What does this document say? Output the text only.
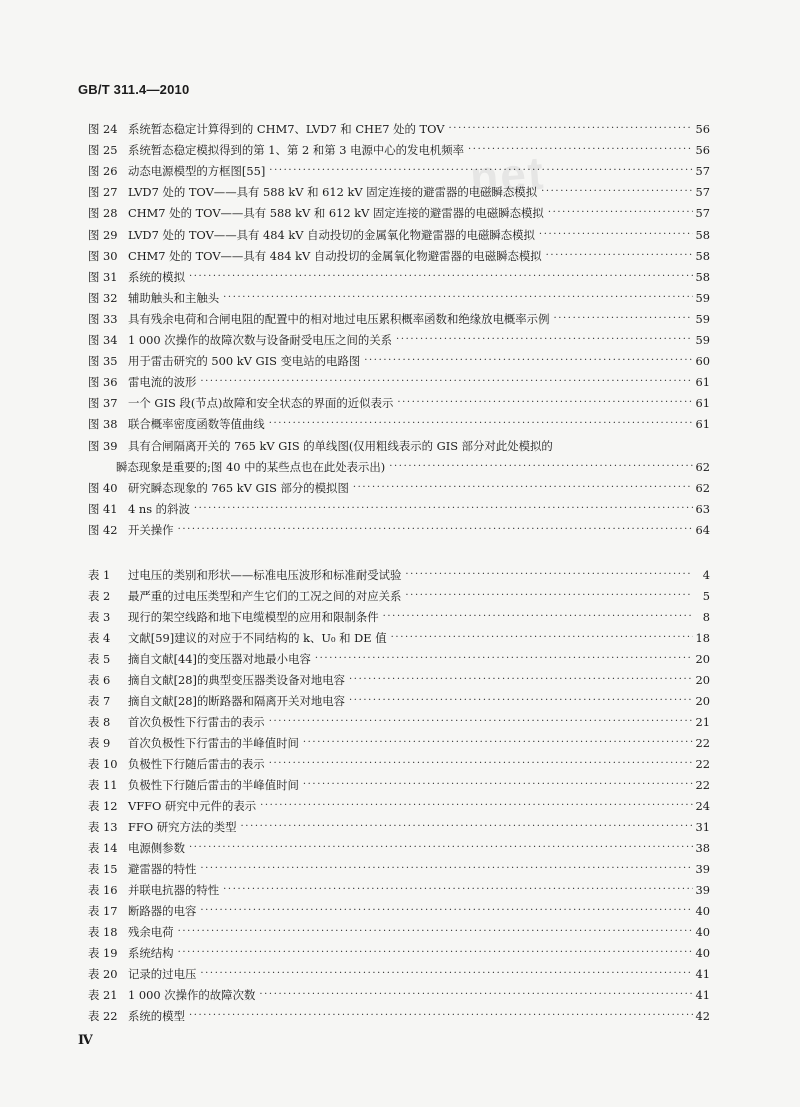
GB/T 311.4—2010
net
图 24 系统暂态稳定计算得到的 CHM7、LVD7 和 CHE7 处的 TOV ·····	56
图 25 系统暂态稳定模拟得到的第 1、第 2 和第 3 电源中心的发电机频率 ·····	56
图 26 动态电源模型的方框图[55] ·····	57
图 27 LVD7 处的 TOV——具有 588 kV 和 612 kV 固定连接的避雷器的电磁瞬态模拟 ·····	57
图 28 CHM7 处的 TOV——具有 588 kV 和 612 kV 固定连接的避雷器的电磁瞬态模拟 ·····	57
图 29 LVD7 处的 TOV——具有 484 kV 自动投切的金属氧化物避雷器的电磁瞬态模拟 ·····	58
图 30 CHM7 处的 TOV——具有 484 kV 自动投切的金属氧化物避雷器的电磁瞬态模拟 ·····	58
图 31 系统的模拟 ·····	58
图 32 辅助触头和主触头 ·····	59
图 33 具有残余电荷和合闸电阻的配置中的相对地过电压累积概率函数和绝缘放电概率示例 ·····	59
图 34 1 000 次操作的故障次数与设备耐受电压之间的关系 ·····	59
图 35 用于雷击研究的 500 kV GIS 变电站的电路图 ·····	60
图 36 雷电流的波形 ·····	61
图 37 一个 GIS 段(节点)故障和安全状态的界面的近似表示 ·····	61
图 38 联合概率密度函数等值曲线 ·····	61
图 39 具有合闸隔离开关的 765 kV GIS 的单线图(仅用粗线表示的 GIS 部分对此处模拟的
瞬态现象是重要的;图 40 中的某些点也在此处表示出) ·····	62
图 40 研究瞬态现象的 765 kV GIS 部分的模拟图 ·····	62
图 41 4 ns 的斜波 ·····	63
图 42 开关操作 ·····	64
表 1	过电压的类别和形状——标准电压波形和标准耐受试验 ·····	4
表 2	最严重的过电压类型和产生它们的工况之间的对应关系 ·····	5
表 3	现行的架空线路和地下电缆模型的应用和限制条件 ·····	8
表 4	文献[59]建议的对应于不同结构的 k、U₀ 和 DE 值 ·····	18
表 5	摘自文献[44]的变压器对地最小电容 ·····	20
表 6	摘自文献[28]的典型变压器类设备对地电容 ·····	20
表 7	摘自文献[28]的断路器和隔离开关对地电容 ·····	20
表 8	首次负极性下行雷击的表示 ·····	21
表 9	首次负极性下行雷击的半峰值时间 ·····	22
表 10 负极性下行随后雷击的表示 ·····	22
表 11 负极性下行随后雷击的半峰值时间 ·····	22
表 12 VFFO 研究中元件的表示 ·····	24
表 13 FFO 研究方法的类型 ·····	31
表 14 电源侧参数 ·····	38
表 15 避雷器的特性 ·····	39
表 16 并联电抗器的特性 ·····	39
表 17 断路器的电容 ·····	40
表 18 残余电荷 ·····	40
表 19 系统结构 ·····	40
表 20 记录的过电压 ·····	41
表 21 1 000 次操作的故障次数 ·····	41
表 22 系统的模型 ·····	42
Ⅳ
